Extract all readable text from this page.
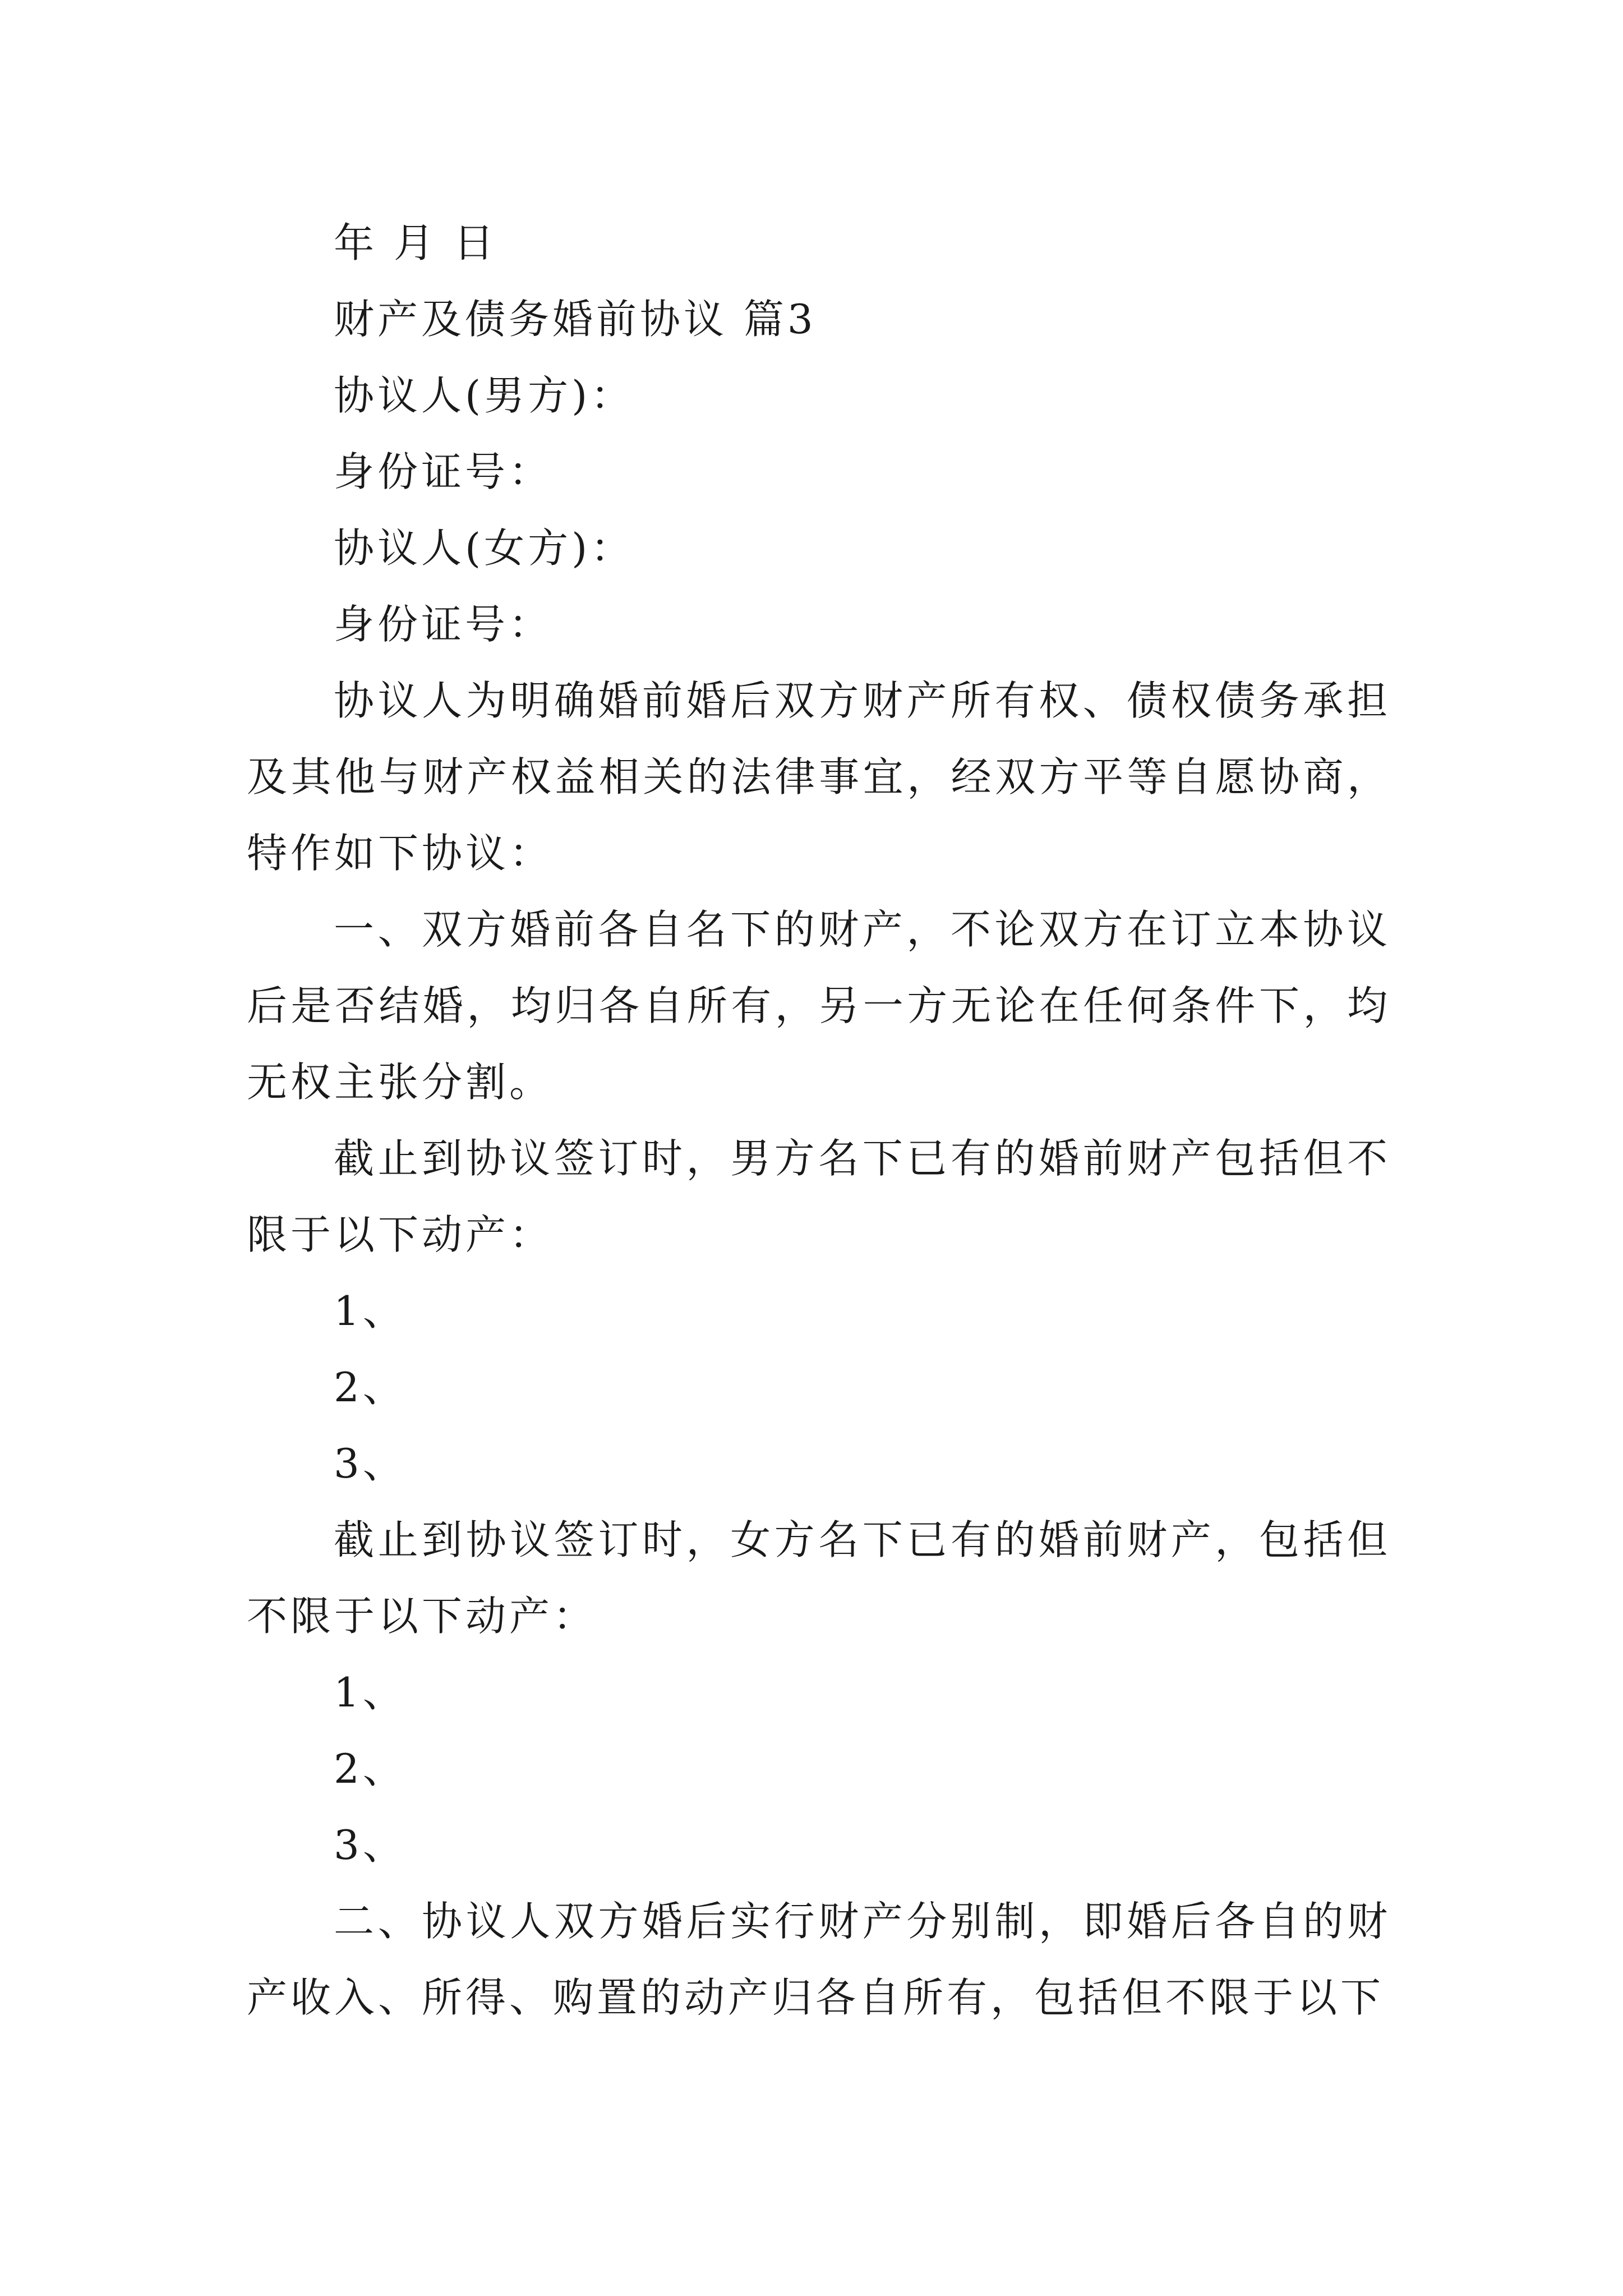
年 月 日
财产及债务婚前协议 篇3
协议人(男方)：
身份证号：
协议人(女方)：
身份证号：
协议人为明确婚前婚后双方财产所有权、债权债务承担及其他与财产权益相关的法律事宜，经双方平等自愿协商，特作如下协议：
一、双方婚前各自名下的财产，不论双方在订立本协议后是否结婚，均归各自所有，另一方无论在任何条件下，均无权主张分割。
截止到协议签订时，男方名下已有的婚前财产包括但不限于以下动产：
1、
2、
3、
截止到协议签订时，女方名下已有的婚前财产，包括但不限于以下动产：
1、
2、
3、
二、协议人双方婚后实行财产分别制，即婚后各自的财产收入、所得、购置的动产归各自所有，包括但不限于以下
